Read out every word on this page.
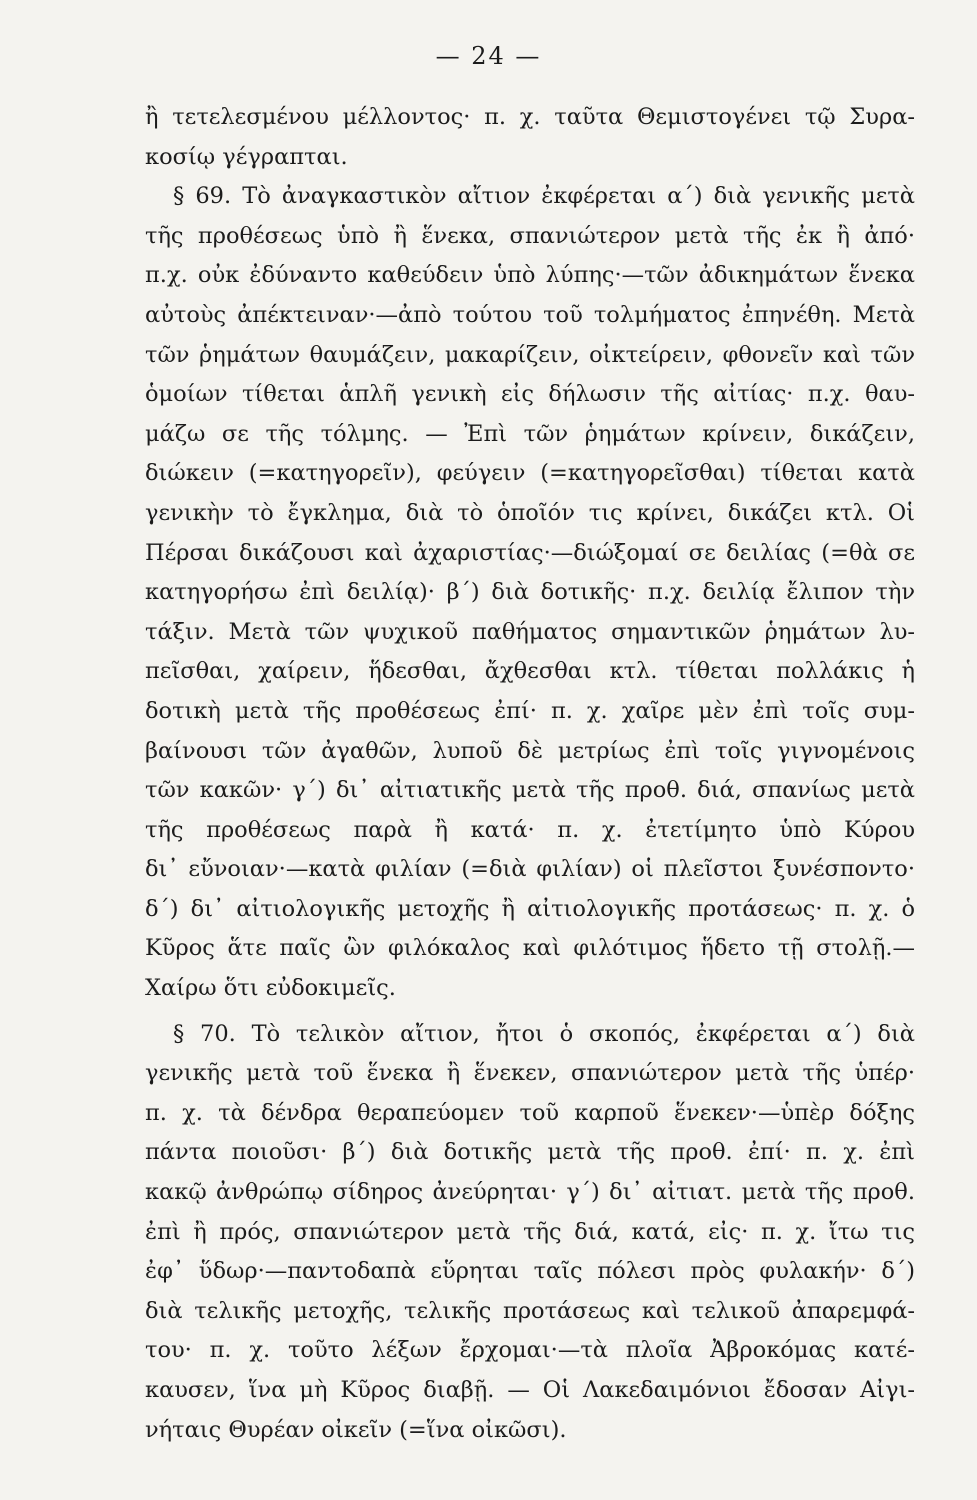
— 24 —
ἢ τετελεσμένου μέλλοντος· π. χ. ταῦτα Θεμιστογένει τῷ Συρα-
κοσίῳ γέγραπται.
§ 69. Τὸ ἀναγκαστικὸν αἴτιον ἐκφέρεται α΄) διὰ γενικῆς μετὰ
τῆς προθέσεως ὑπὸ ἢ ἕνεκα, σπανιώτερον μετὰ τῆς ἐκ ἢ ἀπό·
π.χ. οὐκ ἐδύναντο καθεύδειν ὑπὸ λύπης·—τῶν ἀδικημάτων ἕνεκα
αὐτοὺς ἀπέκτειναν·—ἀπὸ τούτου τοῦ τολμήματος ἐπηνέθη. Μετὰ
τῶν ῥημάτων θαυμάζειν, μακαρίζειν, οἰκτείρειν, φθονεῖν καὶ τῶν
ὁμοίων τίθεται ἁπλῆ γενικὴ εἰς δήλωσιν τῆς αἰτίας· π.χ. θαυ-
μάζω σε τῆς τόλμης. — Ἐπὶ τῶν ῥημάτων κρίνειν, δικάζειν,
διώκειν (=κατηγορεῖν), φεύγειν (=κατηγορεῖσθαι) τίθεται κατὰ
γενικὴν τὸ ἔγκλημα, διὰ τὸ ὁποῖόν τις κρίνει, δικάζει κτλ. Οἱ
Πέρσαι δικάζουσι καὶ ἀχαριστίας·—διώξομαί σε δειλίας (=θὰ σε
κατηγορήσω ἐπὶ δειλίᾳ)· β΄) διὰ δοτικῆς· π.χ. δειλίᾳ ἔλιπον τὴν
τάξιν. Μετὰ τῶν ψυχικοῦ παθήματος σημαντικῶν ῥημάτων λυ-
πεῖσθαι, χαίρειν, ἥδεσθαι, ἄχθεσθαι κτλ. τίθεται πολλάκις ἡ
δοτικὴ μετὰ τῆς προθέσεως ἐπί· π. χ. χαῖρε μὲν ἐπὶ τοῖς συμ-
βαίνουσι τῶν ἀγαθῶν, λυποῦ δὲ μετρίως ἐπὶ τοῖς γιγνομένοις
τῶν κακῶν· γ΄) δι᾿ αἰτιατικῆς μετὰ τῆς προθ. διά, σπανίως μετὰ
τῆς προθέσεως παρὰ ἢ κατά· π. χ. ἐτετίμητο ὑπὸ Κύρου
δι᾿ εὔνοιαν·—κατὰ φιλίαν (=διὰ φιλίαν) οἱ πλεῖστοι ξυνέσποντο·
δ΄) δι᾿ αἰτιολογικῆς μετοχῆς ἢ αἰτιολογικῆς προτάσεως· π. χ. ὁ
Κῦρος ἅτε παῖς ὢν φιλόκαλος καὶ φιλότιμος ἥδετο τῇ στολῇ.—
Χαίρω ὅτι εὐδοκιμεῖς.
§ 70. Τὸ τελικὸν αἴτιον, ἤτοι ὁ σκοπός, ἐκφέρεται α΄) διὰ
γενικῆς μετὰ τοῦ ἕνεκα ἢ ἕνεκεν, σπανιώτερον μετὰ τῆς ὑπέρ·
π. χ. τὰ δένδρα θεραπεύομεν τοῦ καρποῦ ἕνεκεν·—ὑπὲρ δόξης
πάντα ποιοῦσι· β΄) διὰ δοτικῆς μετὰ τῆς προθ. ἐπί· π. χ. ἐπὶ
κακῷ ἀνθρώπῳ σίδηρος ἀνεύρηται· γ΄) δι᾿ αἰτιατ. μετὰ τῆς προθ.
ἐπὶ ἢ πρός, σπανιώτερον μετὰ τῆς διά, κατά, εἰς· π. χ. ἴτω τις
ἐφ᾿ ὕδωρ·—παντοδαπὰ εὕρηται ταῖς πόλεσι πρὸς φυλακήν· δ΄)
διὰ τελικῆς μετοχῆς, τελικῆς προτάσεως καὶ τελικοῦ ἀπαρεμφά-
του· π. χ. τοῦτο λέξων ἔρχομαι·—τὰ πλοῖα Ἀβροκόμας κατέ-
καυσεν, ἵνα μὴ Κῦρος διαβῇ. — Οἱ Λακεδαιμόνιοι ἔδοσαν Αἰγι-
νήταις Θυρέαν οἰκεῖν (=ἵνα οἰκῶσι).
